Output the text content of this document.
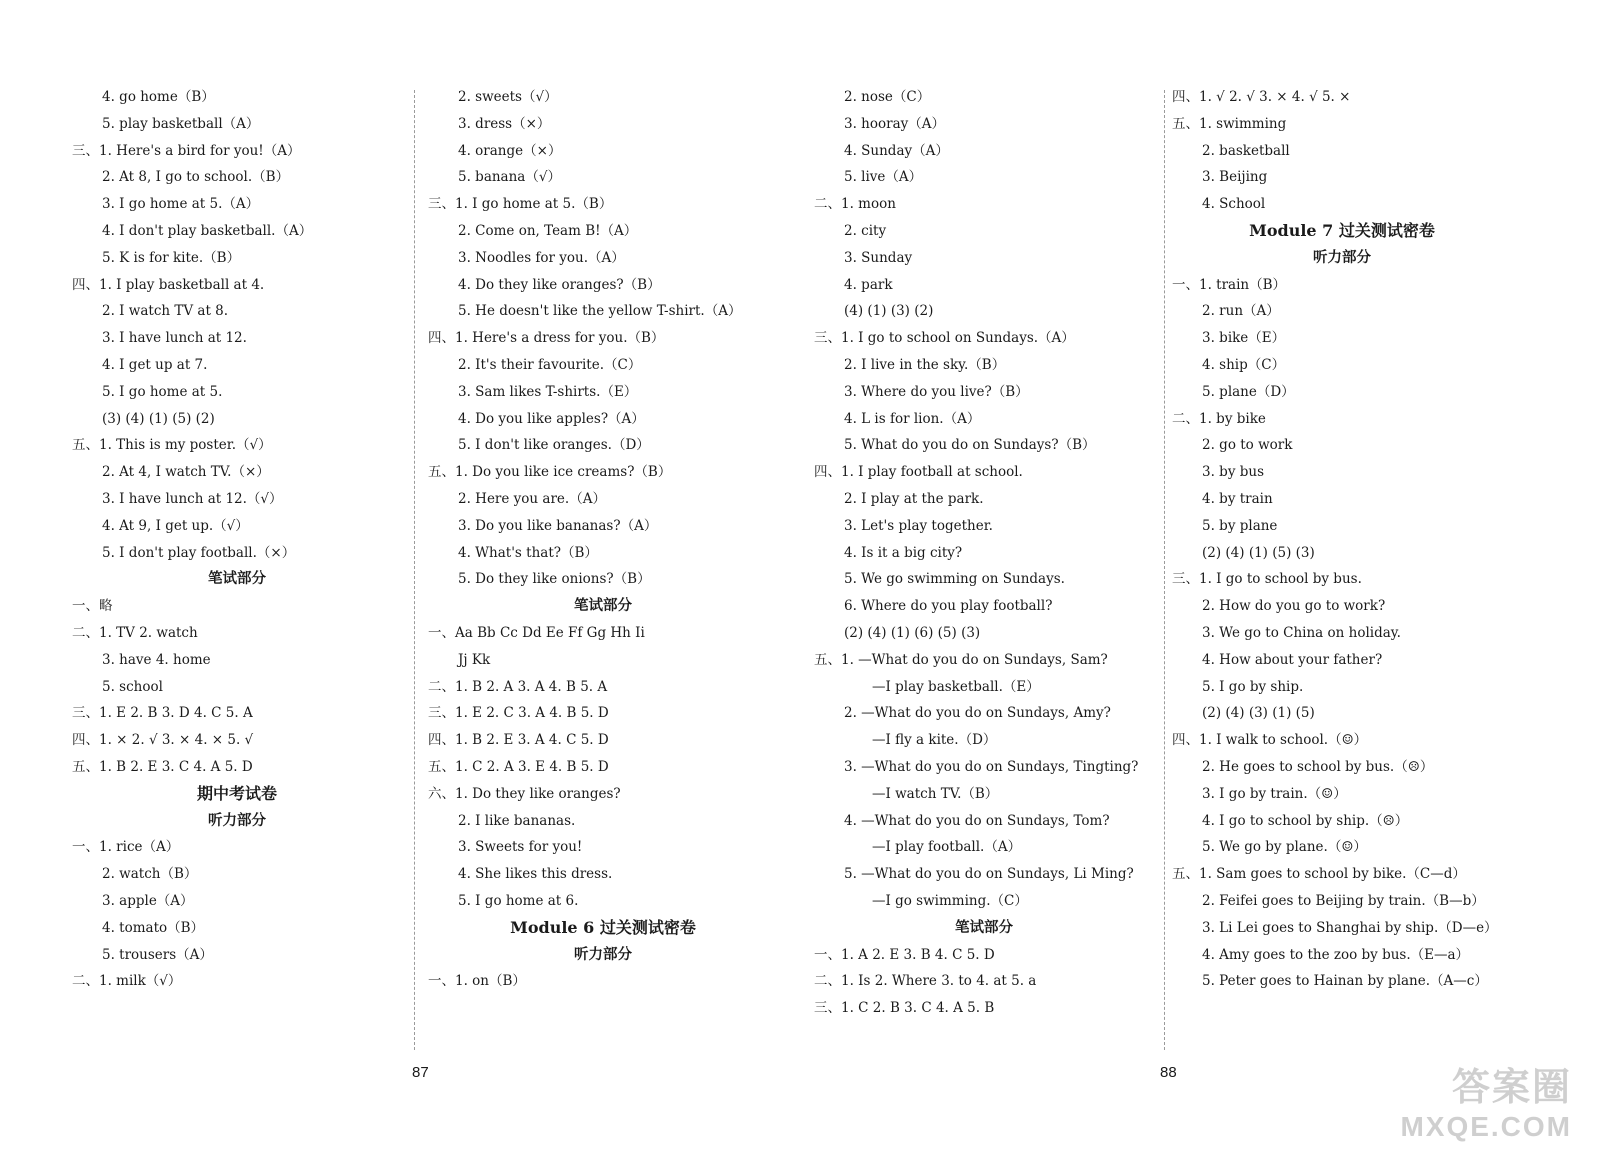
4. go home（B）
5. play basketball（A）
三、1. Here's a bird for you!（A）
2. At 8, I go to school.（B）
3. I go home at 5.（A）
4. I don't play basketball.（A）
5. K is for kite.（B）
四、1. I play basketball at 4.
2. I watch TV at 8.
3. I have lunch at 12.
4. I get up at 7.
5. I go home at 5.
(3) (4) (1) (5) (2)
五、1. This is my poster.（√）
2. At 4, I watch TV.（×）
3. I have lunch at 12.（√）
4. At 9, I get up.（√）
5. I don't play football.（×）
笔试部分
一、略
二、1. TV 2. watch
3. have 4. home
5. school
三、1. E 2. B 3. D 4. C 5. A
四、1. × 2. √ 3. × 4. × 5. √
五、1. B 2. E 3. C 4. A 5. D
期中考试卷
听力部分
一、1. rice（A）
2. watch（B）
3. apple（A）
4. tomato（B）
5. trousers（A）
二、1. milk（√）
2. sweets（√）
3. dress（×）
4. orange（×）
5. banana（√）
三、1. I go home at 5.（B）
2. Come on, Team B!（A）
3. Noodles for you.（A）
4. Do they like oranges?（B）
5. He doesn't like the yellow T-shirt.（A）
四、1. Here's a dress for you.（B）
2. It's their favourite.（C）
3. Sam likes T-shirts.（E）
4. Do you like apples?（A）
5. I don't like oranges.（D）
五、1. Do you like ice creams?（B）
2. Here you are.（A）
3. Do you like bananas?（A）
4. What's that?（B）
5. Do they like onions?（B）
笔试部分
一、Aa Bb Cc Dd Ee Ff Gg Hh Ii
Jj Kk
二、1. B 2. A 3. A 4. B 5. A
三、1. E 2. C 3. A 4. B 5. D
四、1. B 2. E 3. A 4. C 5. D
五、1. C 2. A 3. E 4. B 5. D
六、1. Do they like oranges?
2. I like bananas.
3. Sweets for you!
4. She likes this dress.
5. I go home at 6.
Module 6 过关测试密卷
听力部分
一、1. on（B）
87
2. nose（C）
3. hooray（A）
4. Sunday（A）
5. live（A）
二、1. moon
2. city
3. Sunday
4. park
(4) (1) (3) (2)
三、1. I go to school on Sundays.（A）
2. I live in the sky.（B）
3. Where do you live?（B）
4. L is for lion.（A）
5. What do you do on Sundays?（B）
四、1. I play football at school.
2. I play at the park.
3. Let's play together.
4. Is it a big city?
5. We go swimming on Sundays.
6. Where do you play football?
(2) (4) (1) (6) (5) (3)
五、1. —What do you do on Sundays, Sam?
—I play basketball.（E）
2. —What do you do on Sundays, Amy?
—I fly a kite.（D）
3. —What do you do on Sundays, Tingting?
—I watch TV.（B）
4. —What do you do on Sundays, Tom?
—I play football.（A）
5. —What do you do on Sundays, Li Ming?
—I go swimming.（C）
笔试部分
一、1. A 2. E 3. B 4. C 5. D
二、1. Is 2. Where 3. to 4. at 5. a
三、1. C 2. B 3. C 4. A 5. B
四、1. √ 2. √ 3. × 4. √ 5. ×
五、1. swimming
2. basketball
3. Beijing
4. School
Module 7 过关测试密卷
听力部分
一、1. train（B）
2. run（A）
3. bike（E）
4. ship（C）
5. plane（D）
二、1. by bike
2. go to work
3. by bus
4. by train
5. by plane
(2) (4) (1) (5) (3)
三、1. I go to school by bus.
2. How do you go to work?
3. We go to China on holiday.
4. How about your father?
5. I go by ship.
(2) (4) (3) (1) (5)
四、1. I walk to school.（☺）
2. He goes to school by bus.（☹）
3. I go by train.（☺）
4. I go to school by ship.（☹）
5. We go by plane.（☺）
五、1. Sam goes to school by bike.（C—d）
2. Feifei goes to Beijing by train.（B—b）
3. Li Lei goes to Shanghai by ship.（D—e）
4. Amy goes to the zoo by bus.（E—a）
5. Peter goes to Hainan by plane.（A—c）
88	答案圈
MXQE.COM
